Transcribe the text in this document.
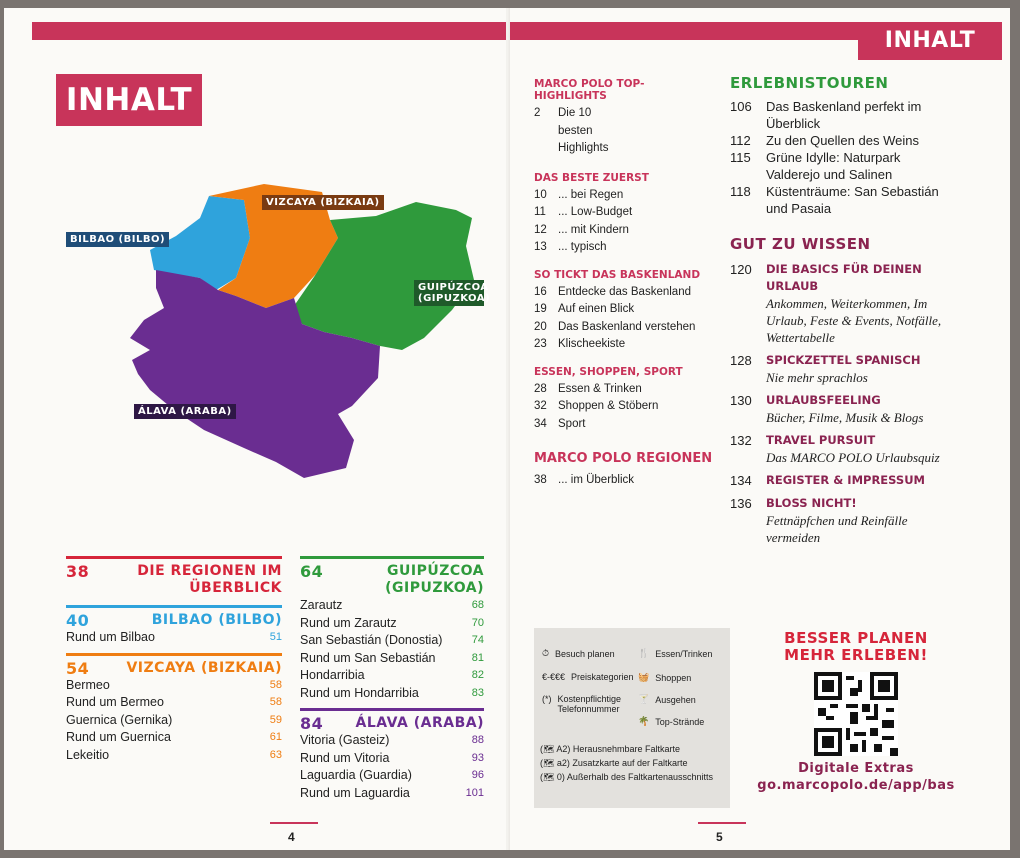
INHALT
VIZCAYA (BIZKAIA)
BILBAO (BILBO)
GUIPÚZCOA (GIPUZKOA)
ÁLAVA (ARABA)
38	DIE REGIONEN IM ÜBERBLICK
40	BILBAO (BILBO)
Rund um Bilbao	51
54	VIZCAYA (BIZKAIA)
Bermeo	58
Rund um Bermeo	58
Guernica (Gernika)	59
Rund um Guernica	61
Lekeitio	63
64	GUIPÚZCOA (GIPUZKOA)
Zarautz	68
Rund um Zarautz	70
San Sebastián (Donostia)	74
Rund um San Sebastián	81
Hondarribia	82
Rund um Hondarribia	83
84 ÁLAVA (ARABA)
Vitoria (Gasteiz)	88
Rund um Vitoria	93
Laguardia (Guardia)	96
Rund um Laguardia	101
4
INHALT
MARCO POLO TOP-HIGHLIGHTS
2	Die 10 besten Highlights
DAS BESTE ZUERST
10 ... bei Regen
11	... Low-Budget
12 ... mit Kindern
13 ... typisch
SO TICKT DAS BASKENLAND
16 Entdecke das Baskenland
19 Auf einen Blick
20 Das Baskenland verstehen
23 Klischeekiste
ESSEN, SHOPPEN, SPORT
28 Essen & Trinken
32 Shoppen & Stöbern
34 Sport
MARCO POLO REGIONEN
38 ... im Überblick
ERLEBNISTOUREN
106	Das Baskenland perfekt im Überblick
112	Zu den Quellen des Weins
115	Grüne Idylle: Naturpark Valderejo und Salinen
118	Küstenträume: San Sebastián und Pasaia
GUT ZU WISSEN
120	DIE BASICS FÜR DEINEN URLAUB
Ankommen, Weiterkommen, Im Urlaub, Feste & Events, Notfälle, Wettertabelle
128	SPICKZETTEL SPANISCH
Nie mehr sprachlos
130	URLAUBSFEELING
Bücher, Filme, Musik & Blogs
132	TRAVEL PURSUIT
Das MARCO POLO Urlaubsquiz
134	REGISTER & IMPRESSUM
136	BLOSS NICHT!
Fettnäpfchen und Reinfälle vermeiden
⏱ Besuch planen
€-€€€ Preiskategorien
(*) Kostenpflichtige Telefonnummer
🍴 Essen/Trinken
🧺 Shoppen
🍸 Ausgehen
🌴 Top-Strände
(🗺 A2) Herausnehmbare Faltkarte
(🗺 a2) Zusatzkarte auf der Faltkarte
(🗺 0) Außerhalb des Faltkartenausschnitts
BESSER PLANEN
MEHR ERLEBEN!
Digitale Extras
go.marcopolo.de/app/bas
5
